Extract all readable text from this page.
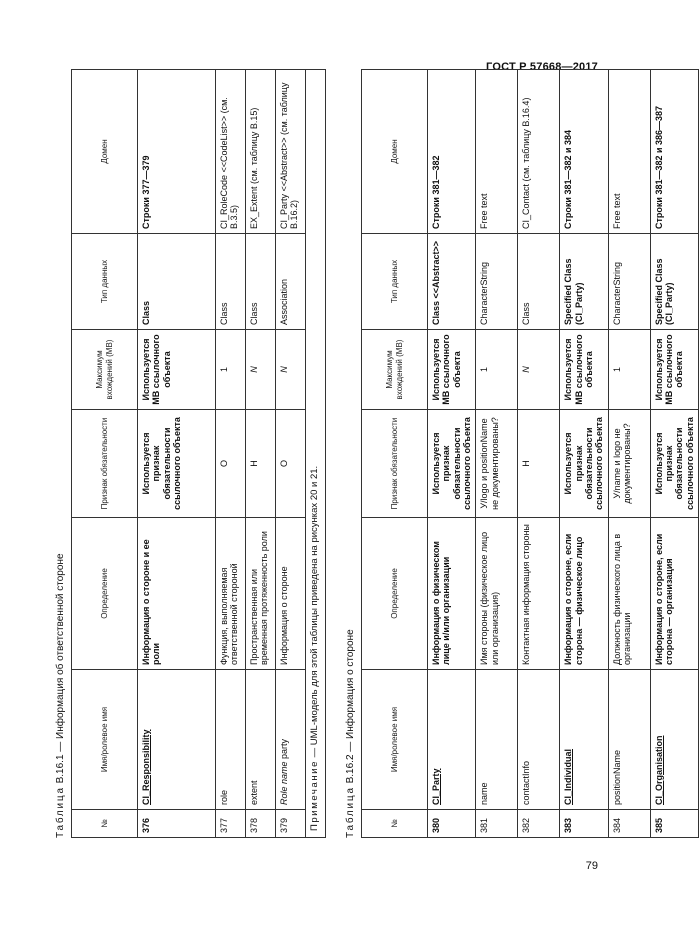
ГОСТ Р 57668—2017
Таблица В.16.1 — Информация об ответственной стороне
№	Имя/ролевое имя	Определение	Признак обязательности	Максимум вхождений (МВ)	Тип данных	Домен
376	CI_Responsibility	Информация о стороне и ее роли	Используется признак обязательности ссылочного объекта	Используется МВ ссылочного объекта	Class	Строки 377—379
377	role	Функция, выполняемая ответственной стороной	О	1	Class	CI_RoleCode <<CodeList>> (см. В.3.5)
378	extent	Пространственная или временная протяженность роли	Н	N	Class	EX_Extent (см. таблицу В.15)
379	Role name party	Информация о стороне	О	N	Association	CI_Party <<Abstract>> (см. таблицу В.16.2)
Примечание — UML-модель для этой таблицы приведена на рисунках 20 и 21.						
Таблица В.16.2 — Информация о стороне
№	Имя/ролевое имя	Определение	Признак обязательности	Максимум вхождений (МВ)	Тип данных	Домен
380	CI_Party	Информация о физическом лице и/или организации	Используется признак обязательности ссылочного объекта	Используется МВ ссылочного объекта	Class <<Abstract>>	Строки 381—382
381	name	Имя стороны (физическое лицо или организация)	У/logo и positionName не документированы?	1	CharacterString	Free text
382	contactInfo	Контактная информация стороны	Н	N	Class	CI_Contact (см. таблицу В.16.4)
383	CI_Individual	Информация о стороне, если сторона — физическое лицо	Используется признак обязательности ссылочного объекта	Используется МВ ссылочного объекта	Specified Class (CI_Party)	Строки 381—382 и 384
384	positionName	Должность физического лица в организации	У/name и logo не документированы?	1	CharacterString	Free text
385	CI_Organisation	Информация о стороне, если сторона — организация	Используется признак обязательности ссылочного объекта	Используется МВ ссылочного объекта	Specified Class (CI_Party)	Строки 381—382 и 386—387
79
